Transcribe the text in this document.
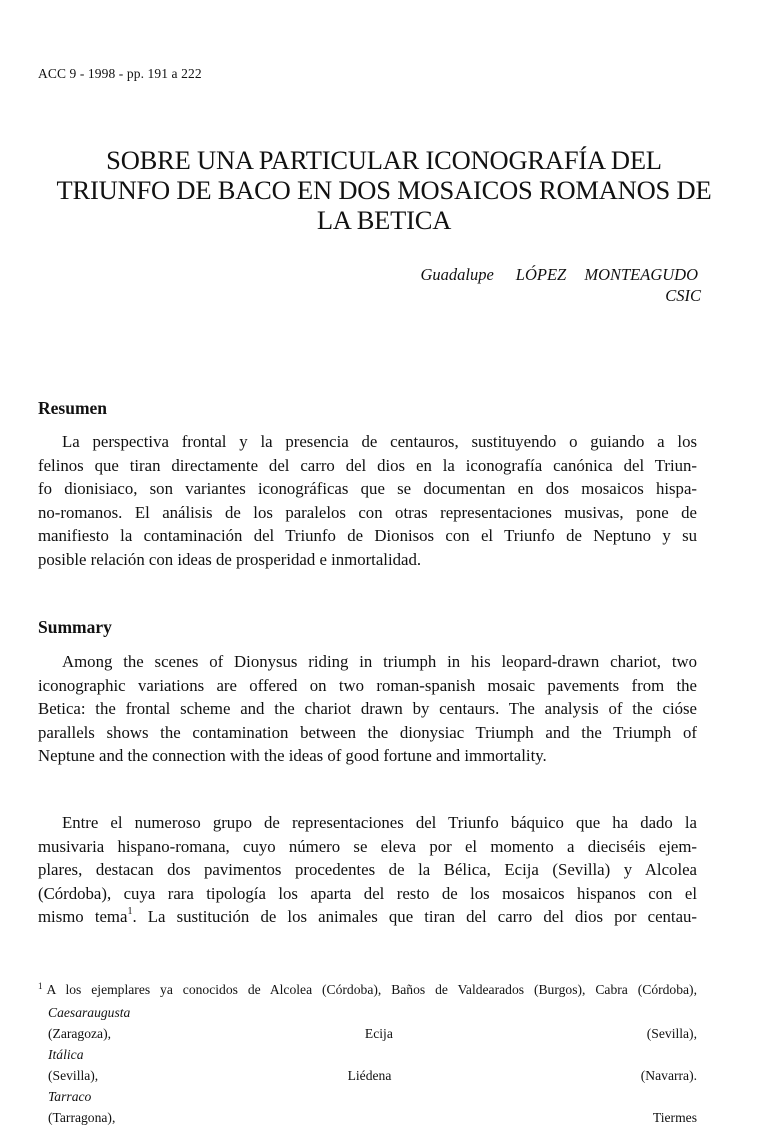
ACC 9 - 1998 - pp. 191 a 222
SOBRE UNA PARTICULAR ICONOGRAFÍA DEL
TRIUNFO DE BACO EN DOS MOSAICOS ROMANOS DE
LA BETICA
Guadalupe LÓPEZ MONTEAGUDO
CSIC
Resumen
La perspectiva frontal y la presencia de centauros, sustituyendo o guiando a los
felinos que tiran directamente del carro del dios en la iconografía canónica del Triun-
fo dionisiaco, son variantes iconográficas que se documentan en dos mosaicos hispa-
no-romanos. El análisis de los paralelos con otras representaciones musivas, pone de
manifiesto la contaminación del Triunfo de Dionisos con el Triunfo de Neptuno y su
posible relación con ideas de prosperidad e inmortalidad.
Summary
Among the scenes of Dionysus riding in triumph in his leopard-drawn chariot, two
iconographic variations are offered on two roman-spanish mosaic pavements from the
Betica: the frontal scheme and the chariot drawn by centaurs. The analysis of the cióse
parallels shows the contamination between the dionysiac Triumph and the Triumph of
Neptune and the connection with the ideas of good fortune and immortality.
Entre el numeroso grupo de representaciones del Triunfo báquico que ha dado la
musivaria hispano-romana, cuyo número se eleva por el momento a dieciséis ejem-
plares, destacan dos pavimentos procedentes de la Bélica, Ecija (Sevilla) y Alcolea
(Córdoba), cuya rara tipología los aparta del resto de los mosaicos hispanos con el
mismo tema$^1$. La sustitución de los animales que tiran del carro del dios por centau-
$^1$ A los ejemplares ya conocidos de Alcolea (Córdoba), Baños de Valdearados (Burgos), Cabra (Córdoba),
Caesaraugusta
(Zaragoza), Ecija (Sevilla),
Itálica
(Sevilla), Liédena (Navarra).
Tarraco
(Tarragona), Tiermes
